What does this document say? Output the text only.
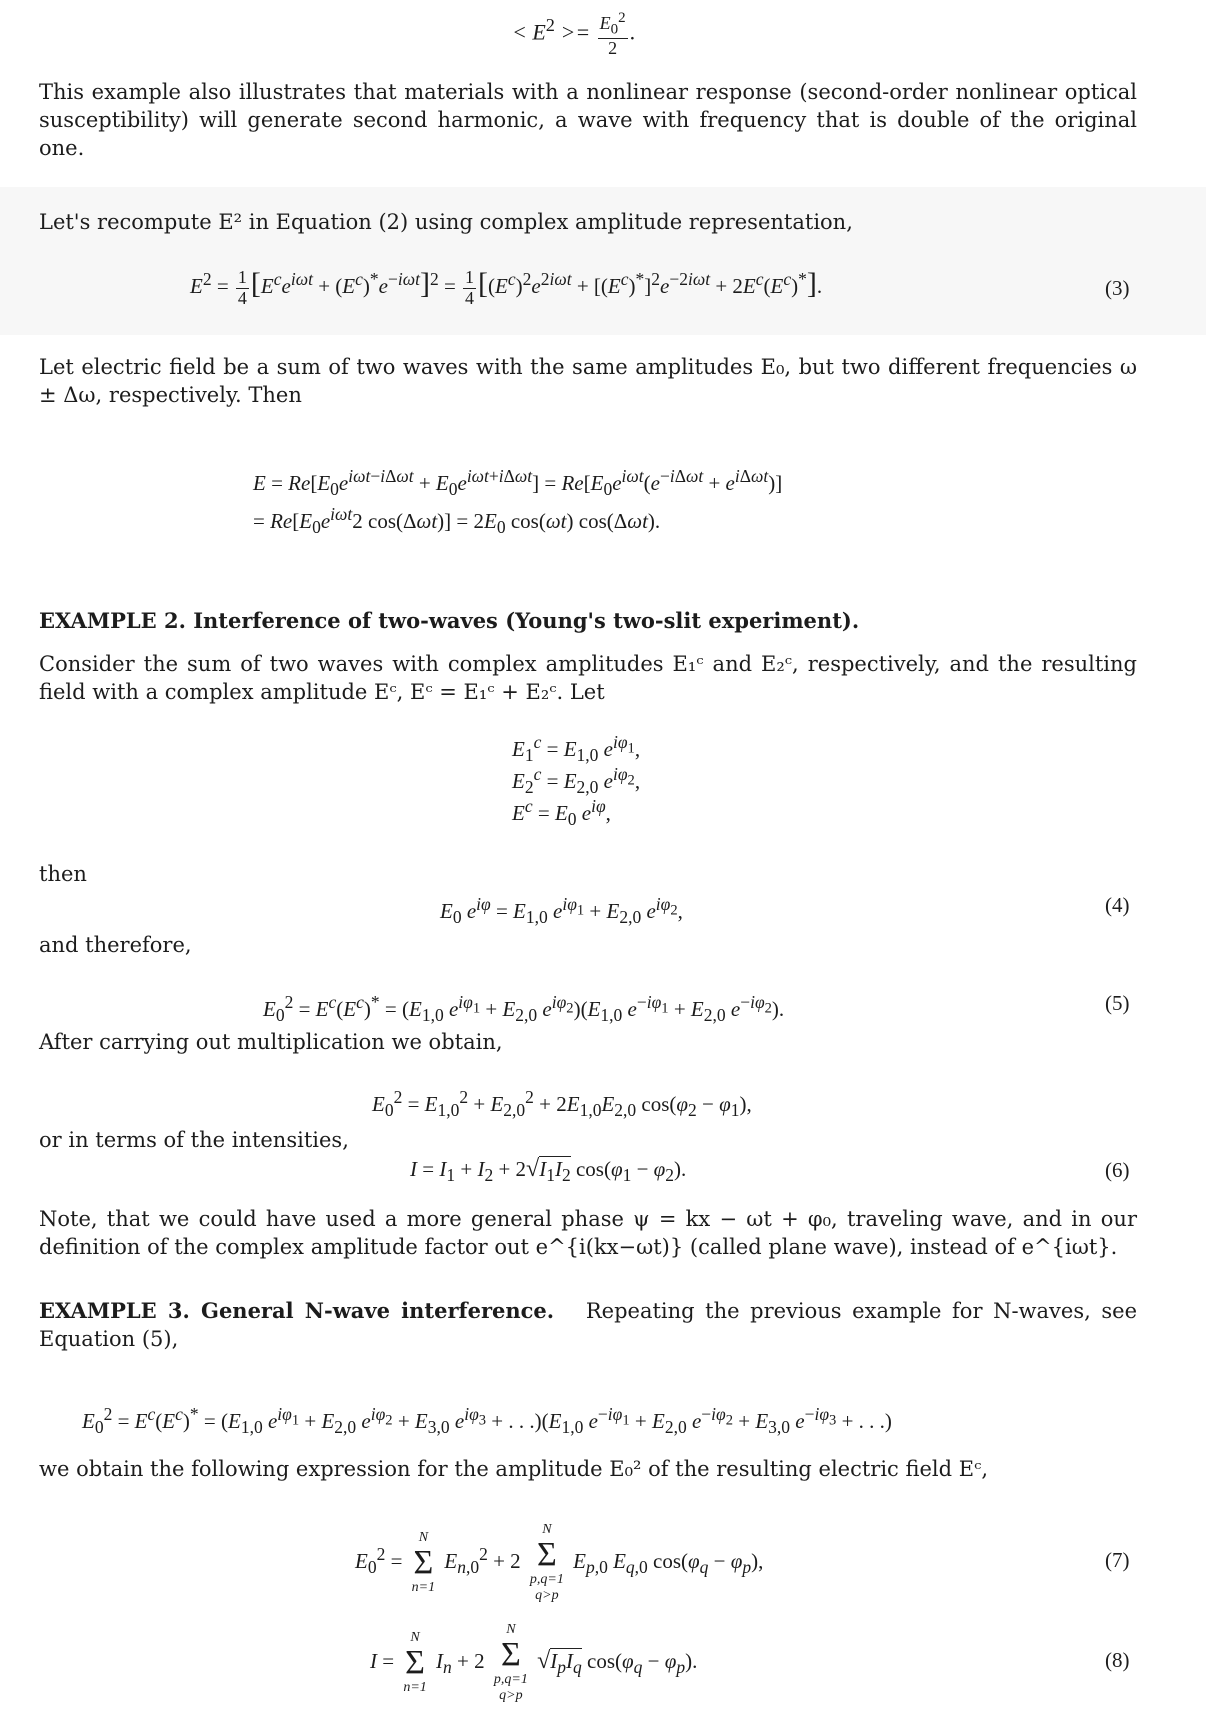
< $E^2 >= \frac{E_0^2}{2}$ .
This example also illustrates that materials with a nonlinear response (second-order nonlinear optical susceptibility) will generate second harmonic, a wave with frequency that is double of the original one.
Let's recompute E² in Equation (2) using complex amplitude representation,
$E^2 = \frac{1}{4} [E^ce^{i\omega t} + (E^c)^*e^{-i\omega t}]^2 = \frac{1}{4} [(E^c)^2e^{2i\omega t} + [(E^c)^*]^2e^{-2i\omega t} + 2E^c(E^c)^*]$.	(3)
Let electric field be a sum of two waves with the same amplitudes E₀, but two different frequencies ω ± Δω, respectively. Then
$E = Re[E_0e^{i\omega t-i\Delta\omega t} + E_0e^{i\omega t+i\Delta\omega t}] = Re[E_0e^{i\omega t}(e^{-i\Delta\omega t} + e^{i\Delta\omega t})]$
= $Re[E_0e^{i\omega t}2$ $\cos(\Delta\omega t)] = 2E_0$ cos(ωt) cos(Δωt).
EXAMPLE 2. Interference of two-waves (Young's two-slit experiment).
Consider the sum of two waves with complex amplitudes E₁ᶜ and E₂ᶜ, respectively, and the resulting field with a complex amplitude Eᶜ, Eᶜ = E₁ᶜ + E₂ᶜ. Let
$E_1^c = E_{1,0}$ $e^{i\varphi_1}$,
$E_2^c = E_{2,0}$ $e^{i\varphi_2}$,
$E^c = E_0$ $e^{i\varphi}$,
then
$E_0$ $e^{i\varphi} = E_{1,0}$ $e^{i\varphi_1} + E_{2,0}$ $e^{i\varphi_2}$,	(4)
and therefore,
$E_0^2 = E^c(E^c)^* = (E_{1,0}$ $e^{i\varphi_1} + E_{2,0}$ $e^{i\varphi_2})(E_{1,0}$ $e^{-i\varphi_1} + E_{2,0}$ $e^{-i\varphi_2}$).	(5)
After carrying out multiplication we obtain,
$E_0^2 = E_{1,0}^2 + E_{2,0}^2 + 2E_{1,0}E_{2,0}$ $\cos(\varphi_2 - \varphi_1)$,
or in terms of the intensities,
$I = I_1 + I_2 + 2√I_1I_2$ $\cos(\varphi_1 - \varphi_2)$.	(6)
Note, that we could have used a more general phase ψ = kx − ωt + φ₀, traveling wave, and in our definition of the complex amplitude factor out e^{i(kx−ωt)} (called plane wave), instead of e^{iωt}.
EXAMPLE 3. General N-wave interference. Repeating the previous example for N-waves, see Equation (5),
$E_0^2 = E^c(E^c)^* = (E_{1,0}$ $e^{i\varphi_1} + E_{2,0}$ $e^{i\varphi_2} + E_{3,0}$ $e^{i\varphi_3}$ + . . $.)(E_{1,0}$ $e^{-i\varphi_1} + E_{2,0}$ $e^{-i\varphi_2} + E_{3,0}$ $e^{-i\varphi_3}$ + . . .)
we obtain the following expression for the amplitude E₀² of the resulting electric field Eᶜ,
$E_0^2$ =
N
Σ
n=1
$E_{n,0}^2 + 2$
N
Σ
p,q=1
q>p
$E_{p,0}$ $E_{q,0}$ $\cos(\varphi_q - \varphi_p)$,	(7)
I =
N
Σ
n=1
$I_n + 2$
N
Σ
p,q=1
q>p
$√I_pI_q$ $\cos(\varphi_q - \varphi_p)$.	(8)
